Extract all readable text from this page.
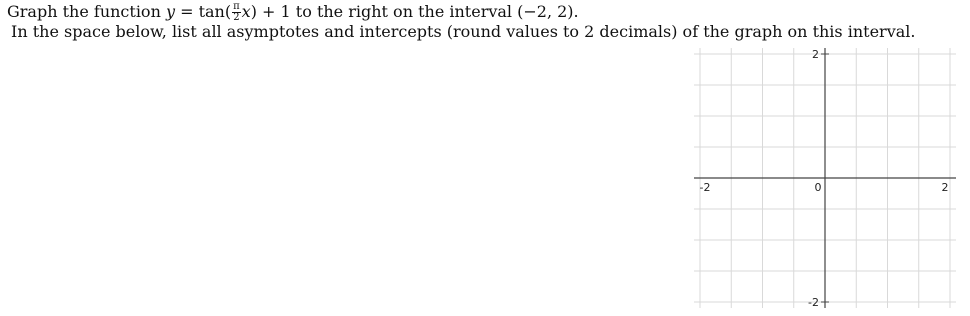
Graph the function $y = \tan( \frac{\pi}{2} x) + 1$ to the right on the interval (−2, 2).
In the space below, list all asymptotes and intercepts (round values to 2 decimals) of the graph on this interval.
-2	2
0
2
-2
